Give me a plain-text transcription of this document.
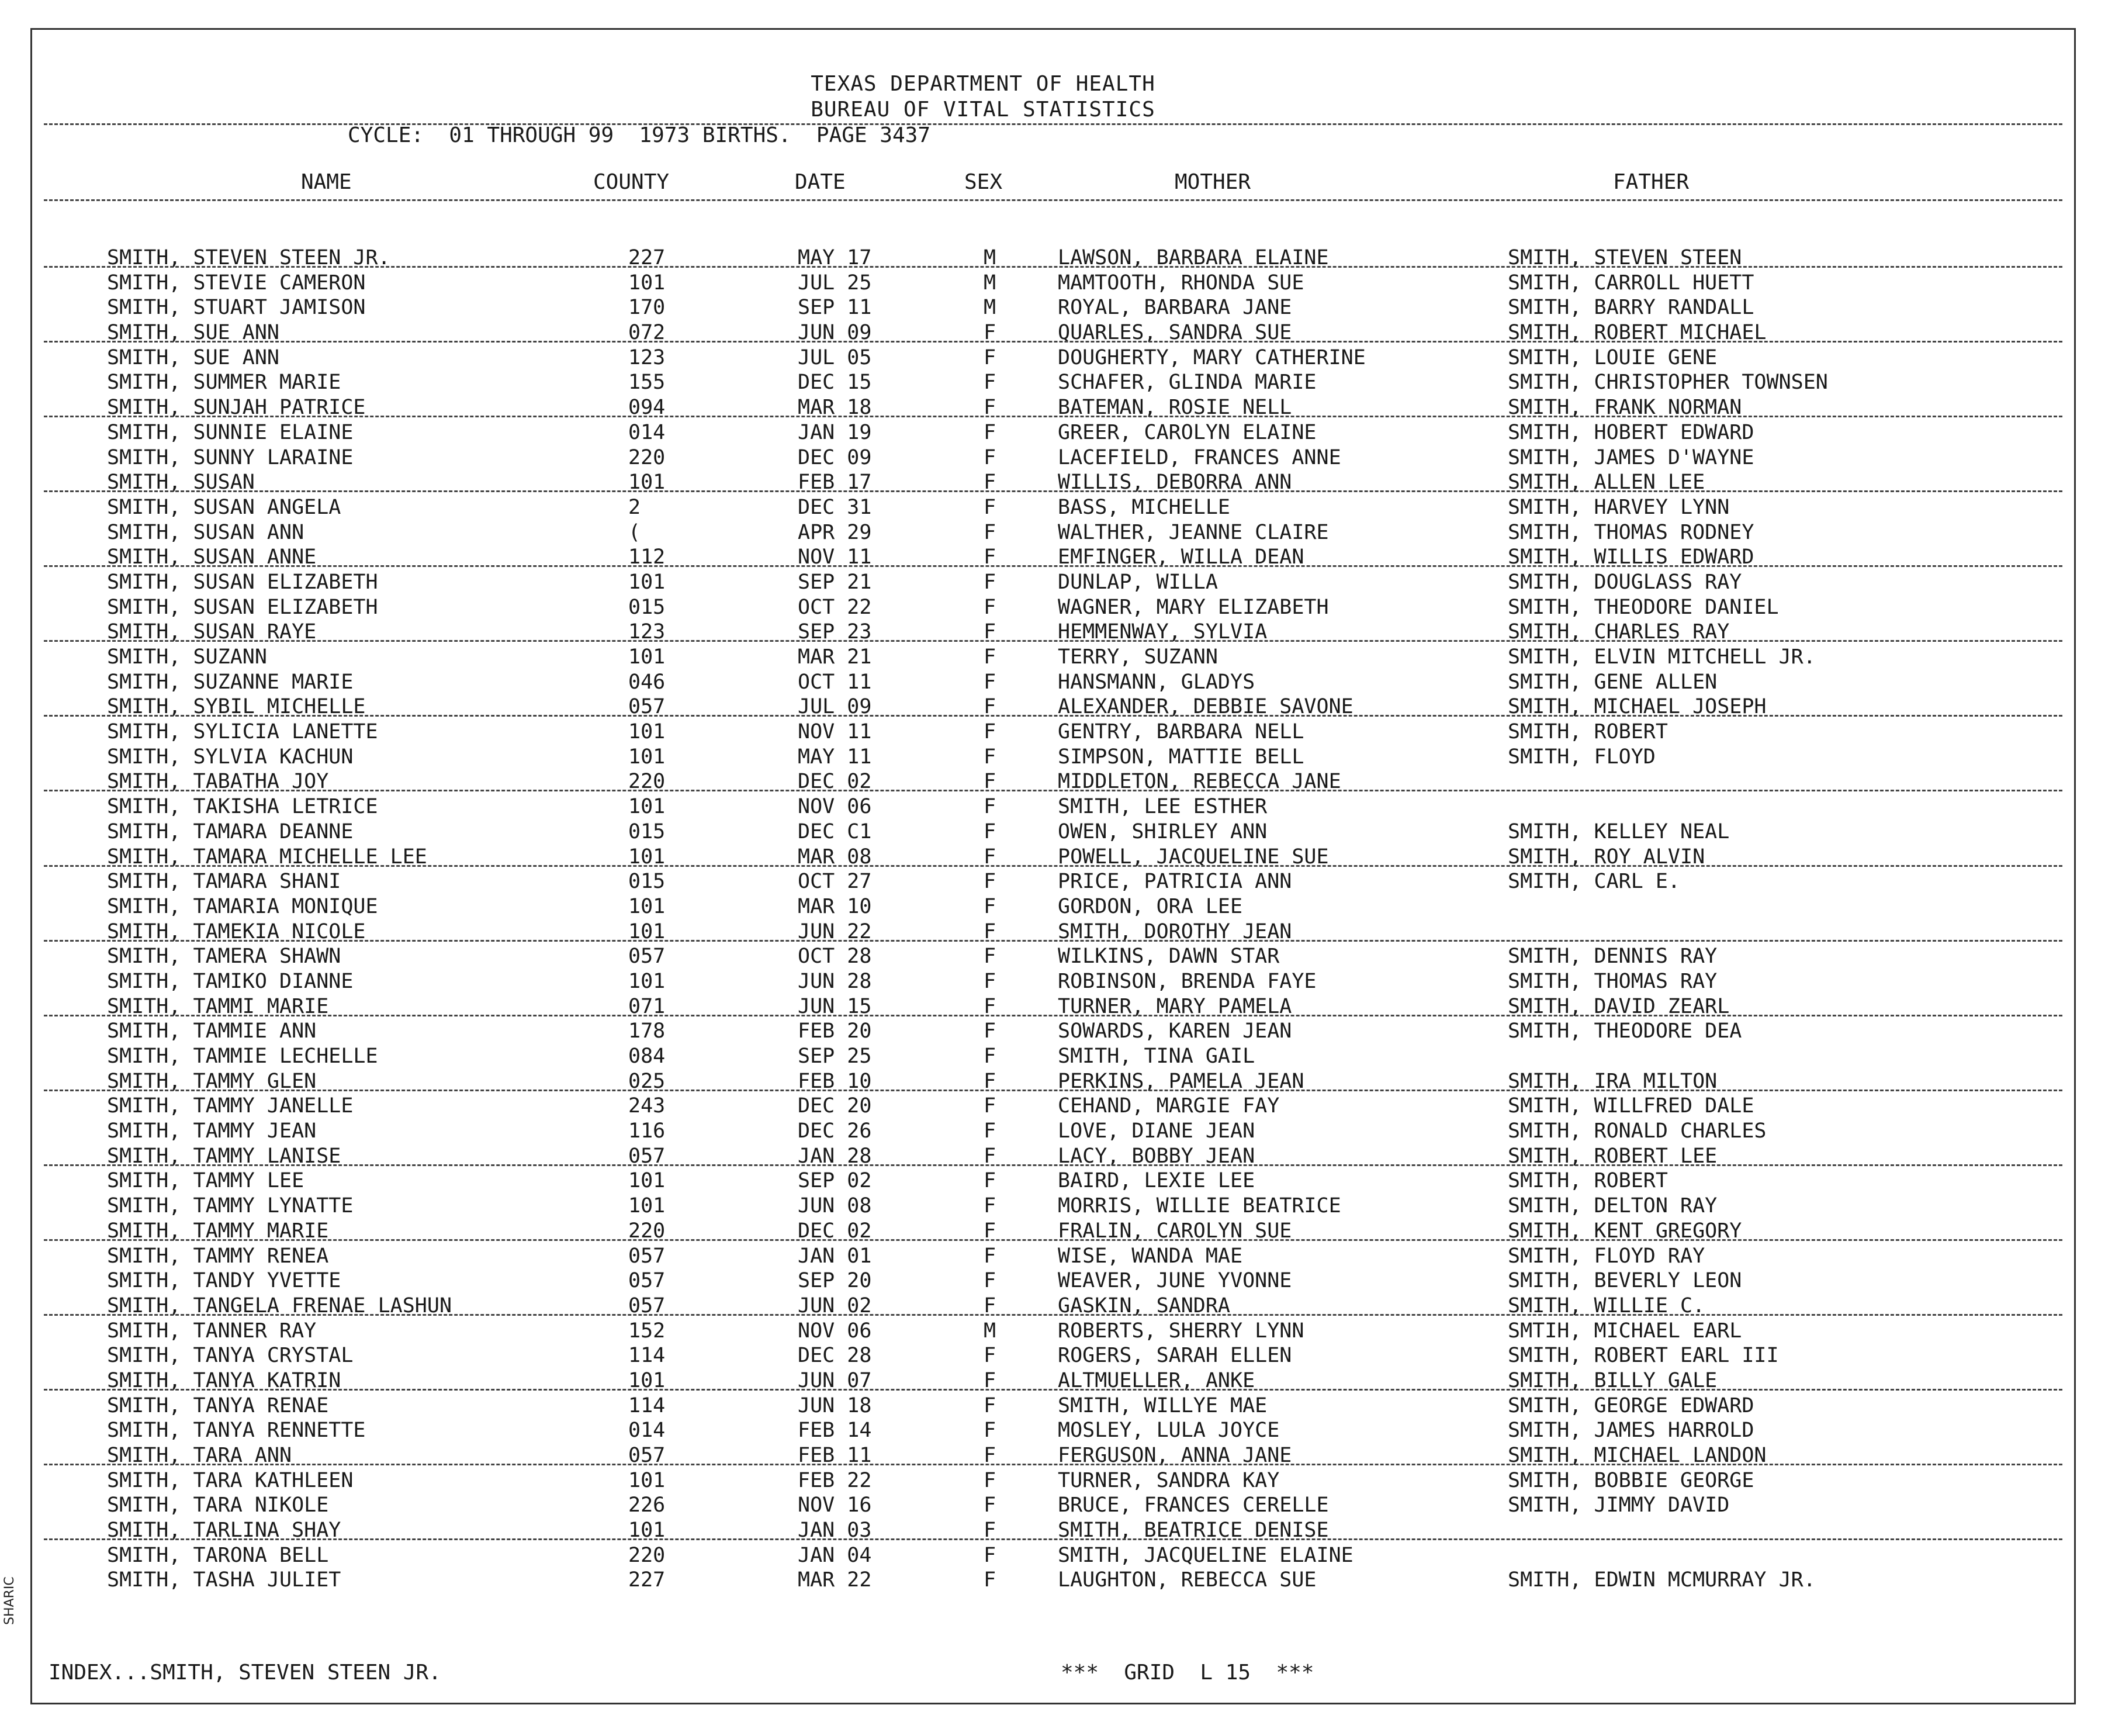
TEXAS DEPARTMENT OF HEALTH
BUREAU OF VITAL STATISTICS
CYCLE:  01 THROUGH 99  1973 BIRTHS.  PAGE 3437
NAME	COUNTY	DATE	SEX	MOTHER	FATHER
SMITH, STEVEN STEEN JR.	227	MAY 17	M	LAWSON, BARBARA ELAINE	SMITH, STEVEN STEEN
SMITH, STEVIE CAMERON	101	JUL 25	M	MAMTOOTH, RHONDA SUE	SMITH, CARROLL HUETT
SMITH, STUART JAMISON	170	SEP 11	M	ROYAL, BARBARA JANE	SMITH, BARRY RANDALL
SMITH, SUE ANN	072	JUN 09	F	QUARLES, SANDRA SUE	SMITH, ROBERT MICHAEL
SMITH, SUE ANN	123	JUL 05	F	DOUGHERTY, MARY CATHERINE	SMITH, LOUIE GENE
SMITH, SUMMER MARIE	155	DEC 15	F	SCHAFER, GLINDA MARIE	SMITH, CHRISTOPHER TOWNSEN
SMITH, SUNJAH PATRICE	094	MAR 18	F	BATEMAN, ROSIE NELL	SMITH, FRANK NORMAN
SMITH, SUNNIE ELAINE	014	JAN 19	F	GREER, CAROLYN ELAINE	SMITH, HOBERT EDWARD
SMITH, SUNNY LARAINE	220	DEC 09	F	LACEFIELD, FRANCES ANNE	SMITH, JAMES D'WAYNE
SMITH, SUSAN	101	FEB 17	F	WILLIS, DEBORRA ANN	SMITH, ALLEN LEE
SMITH, SUSAN ANGELA	2	DEC 31	F	BASS, MICHELLE	SMITH, HARVEY LYNN
SMITH, SUSAN ANN	(	APR 29	F	WALTHER, JEANNE CLAIRE	SMITH, THOMAS RODNEY
SMITH, SUSAN ANNE	112	NOV 11	F	EMFINGER, WILLA DEAN	SMITH, WILLIS EDWARD
SMITH, SUSAN ELIZABETH	101	SEP 21	F	DUNLAP, WILLA	SMITH, DOUGLASS RAY
SMITH, SUSAN ELIZABETH	015	OCT 22	F	WAGNER, MARY ELIZABETH	SMITH, THEODORE DANIEL
SMITH, SUSAN RAYE	123	SEP 23	F	HEMMENWAY, SYLVIA	SMITH, CHARLES RAY
SMITH, SUZANN	101	MAR 21	F	TERRY, SUZANN	SMITH, ELVIN MITCHELL JR.
SMITH, SUZANNE MARIE	046	OCT 11	F	HANSMANN, GLADYS	SMITH, GENE ALLEN
SMITH, SYBIL MICHELLE	057	JUL 09	F	ALEXANDER, DEBBIE SAVONE	SMITH, MICHAEL JOSEPH
SMITH, SYLICIA LANETTE	101	NOV 11	F	GENTRY, BARBARA NELL	SMITH, ROBERT
SMITH, SYLVIA KACHUN	101	MAY 11	F	SIMPSON, MATTIE BELL	SMITH, FLOYD
SMITH, TABATHA JOY	220	DEC 02	F	MIDDLETON, REBECCA JANE
SMITH, TAKISHA LETRICE	101	NOV 06	F	SMITH, LEE ESTHER
SMITH, TAMARA DEANNE	015	DEC C1	F	OWEN, SHIRLEY ANN	SMITH, KELLEY NEAL
SMITH, TAMARA MICHELLE LEE	101	MAR 08	F	POWELL, JACQUELINE SUE	SMITH, ROY ALVIN
SMITH, TAMARA SHANI	015	OCT 27	F	PRICE, PATRICIA ANN	SMITH, CARL E.
SMITH, TAMARIA MONIQUE	101	MAR 10	F	GORDON, ORA LEE
SMITH, TAMEKIA NICOLE	101	JUN 22	F	SMITH, DOROTHY JEAN
SMITH, TAMERA SHAWN	057	OCT 28	F	WILKINS, DAWN STAR	SMITH, DENNIS RAY
SMITH, TAMIKO DIANNE	101	JUN 28	F	ROBINSON, BRENDA FAYE	SMITH, THOMAS RAY
SMITH, TAMMI MARIE	071	JUN 15	F	TURNER, MARY PAMELA	SMITH, DAVID ZEARL
SMITH, TAMMIE ANN	178	FEB 20	F	SOWARDS, KAREN JEAN	SMITH, THEODORE DEA
SMITH, TAMMIE LECHELLE	084	SEP 25	F	SMITH, TINA GAIL
SMITH, TAMMY GLEN	025	FEB 10	F	PERKINS, PAMELA JEAN	SMITH, IRA MILTON
SMITH, TAMMY JANELLE	243	DEC 20	F	CEHAND, MARGIE FAY	SMITH, WILLFRED DALE
SMITH, TAMMY JEAN	116	DEC 26	F	LOVE, DIANE JEAN	SMITH, RONALD CHARLES
SMITH, TAMMY LANISE	057	JAN 28	F	LACY, BOBBY JEAN	SMITH, ROBERT LEE
SMITH, TAMMY LEE	101	SEP 02	F	BAIRD, LEXIE LEE	SMITH, ROBERT
SMITH, TAMMY LYNATTE	101	JUN 08	F	MORRIS, WILLIE BEATRICE	SMITH, DELTON RAY
SMITH, TAMMY MARIE	220	DEC 02	F	FRALIN, CAROLYN SUE	SMITH, KENT GREGORY
SMITH, TAMMY RENEA	057	JAN 01	F	WISE, WANDA MAE	SMITH, FLOYD RAY
SMITH, TANDY YVETTE	057	SEP 20	F	WEAVER, JUNE YVONNE	SMITH, BEVERLY LEON
SMITH, TANGELA FRENAE LASHUN	057	JUN 02	F	GASKIN, SANDRA	SMITH, WILLIE C.
SMITH, TANNER RAY	152	NOV 06	M	ROBERTS, SHERRY LYNN	SMTIH, MICHAEL EARL
SMITH, TANYA CRYSTAL	114	DEC 28	F	ROGERS, SARAH ELLEN	SMITH, ROBERT EARL III
SMITH, TANYA KATRIN	101	JUN 07	F	ALTMUELLER, ANKE	SMITH, BILLY GALE
SMITH, TANYA RENAE	114	JUN 18	F	SMITH, WILLYE MAE	SMITH, GEORGE EDWARD
SMITH, TANYA RENNETTE	014	FEB 14	F	MOSLEY, LULA JOYCE	SMITH, JAMES HARROLD
SMITH, TARA ANN	057	FEB 11	F	FERGUSON, ANNA JANE	SMITH, MICHAEL LANDON
SMITH, TARA KATHLEEN	101	FEB 22	F	TURNER, SANDRA KAY	SMITH, BOBBIE GEORGE
SMITH, TARA NIKOLE	226	NOV 16	F	BRUCE, FRANCES CERELLE	SMITH, JIMMY DAVID
SMITH, TARLINA SHAY	101	JAN 03	F	SMITH, BEATRICE DENISE
SMITH, TARONA BELL	220	JAN 04	F	SMITH, JACQUELINE ELAINE
SMITH, TASHA JULIET	227	MAR 22	F	LAUGHTON, REBECCA SUE	SMITH, EDWIN MCMURRAY JR.
INDEX...SMITH, STEVEN STEEN JR.	***  GRID  L 15  ***
SHARIC
